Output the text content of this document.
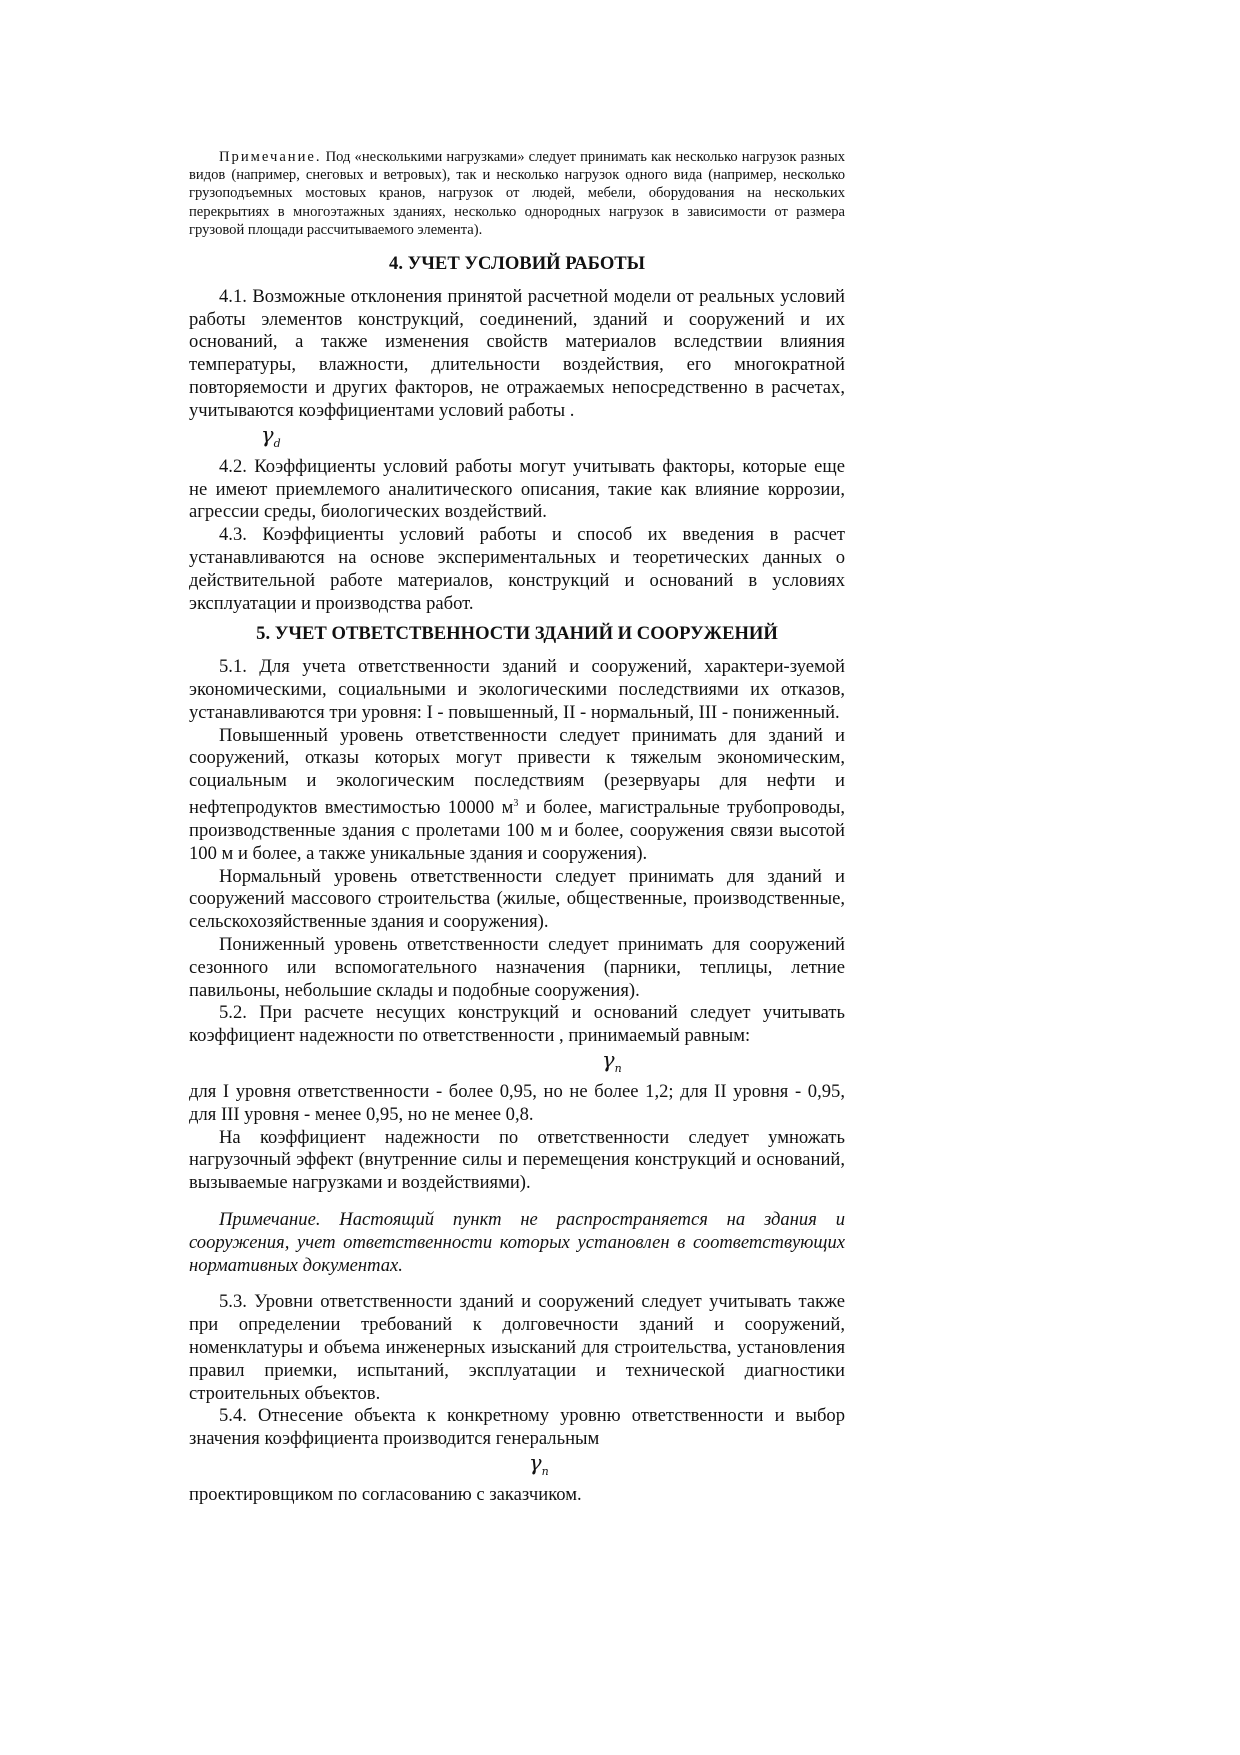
Примечание. Под «несколькими нагрузками» следует принимать как несколько нагрузок разных видов (например, снеговых и ветровых), так и несколько нагрузок одного вида (например, несколько грузоподъемных мостовых кранов, нагрузок от людей, мебели, оборудования на нескольких перекрытиях в многоэтажных зданиях, несколько однородных нагрузок в зависимости от размера грузовой площади рассчитываемого элемента).

4. УЧЕТ УСЛОВИЙ РАБОТЫ

4.1. Возможные отклонения принятой расчетной модели от реальных условий работы элементов конструкций, соединений, зданий и сооружений и их оснований, а также изменения свойств материалов вследствии влияния температуры, влажности, длительности воздействия, его многократной повторяемости и других факторов, не отражаемых непосредственно в расчетах, учитываются коэффициентами условий работы .

$\gamma_d$

4.2. Коэффициенты условий работы могут учитывать факторы, которые еще не имеют приемлемого аналитического описания, такие как влияние коррозии, агрессии среды, биологических воздействий.

4.3. Коэффициенты условий работы и способ их введения в расчет устанавливаются на основе экспериментальных и теоретических данных о действительной работе материалов, конструкций и оснований в условиях эксплуатации и производства работ.

5. УЧЕТ ОТВЕТСТВЕННОСТИ ЗДАНИЙ И СООРУЖЕНИЙ

5.1. Для учета ответственности зданий и сооружений, характери-зуемой экономическими, социальными и экологическими последствиями их отказов, устанавливаются три уровня: I - повышенный, II - нормальный, III - пониженный.

Повышенный уровень ответственности следует принимать для зданий и сооружений, отказы которых могут привести к тяжелым экономическим, социальным и экологическим последствиям (резервуары для нефти и нефтепродуктов вместимостью 10000 $м^3$ и более, магистральные трубопроводы, производственные здания с пролетами 100 м и более, сооружения связи высотой 100 м и более, а также уникальные здания и сооружения).

Нормальный уровень ответственности следует принимать для зданий и сооружений массового строительства (жилые, общественные, производственные, сельскохозяйственные здания и сооружения).

Пониженный уровень ответственности следует принимать для сооружений сезонного или вспомогательного назначения (парники, теплицы, летние павильоны, небольшие склады и подобные сооружения).

5.2. При расчете несущих конструкций и оснований следует учитывать коэффициент надежности по ответственности , принимаемый равным:

$\gamma_n$

для I уровня ответственности - более 0,95, но не более 1,2; для II уровня - 0,95, для III уровня - менее 0,95, но не менее 0,8.

На коэффициент надежности по ответственности следует умножать нагрузочный эффект (внутренние силы и перемещения конструкций и оснований, вызываемые нагрузками и воздействиями).

Примечание. Настоящий пункт не распространяется на здания и сооружения, учет ответственности которых установлен в соответствующих нормативных документах.

5.3. Уровни ответственности зданий и сооружений следует учитывать также при определении требований к долговечности зданий и сооружений, номенклатуры и объема инженерных изысканий для строительства, установления правил приемки, испытаний, эксплуатации и технической диагностики строительных объектов.

5.4. Отнесение объекта к конкретному уровню ответственности и выбор значения коэффициента производится генеральным

$\gamma_n$

проектировщиком по согласованию с заказчиком.
